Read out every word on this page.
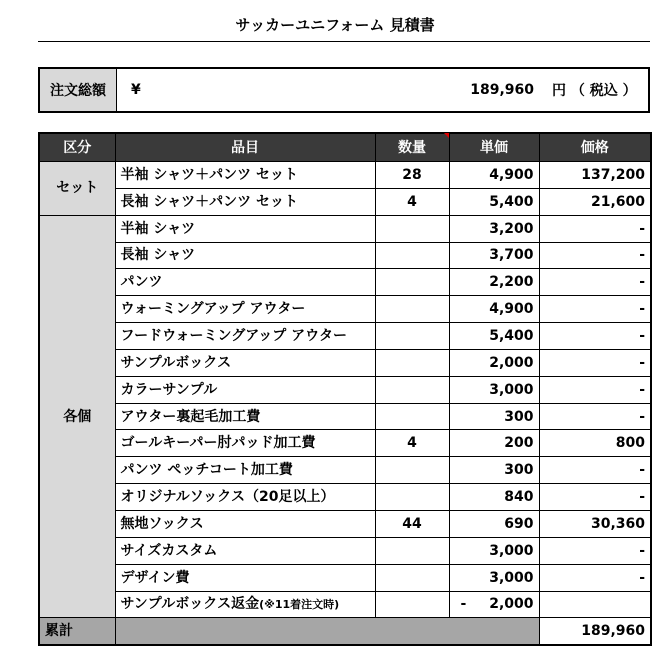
サッカーユニフォーム 見積書
注文総額	¥	189,960	円 （ 税込 ）
区分	品目	数量	単価	価格
セット	半袖 シャツ＋パンツ セット	28	4,900	137,200
	長袖 シャツ＋パンツ セット	4	5,400	21,600
各個	半袖 シャツ		3,200	-
	長袖 シャツ		3,700	-
	パンツ		2,200	-
	ウォーミングアップ アウター		4,900	-
	フードウォーミングアップ アウター		5,400	-
	サンプルボックス		2,000	-
	カラーサンプル		3,000	-
	アウター裏起毛加工費		300	-
	ゴールキーパー肘パッド加工費	4	200	800
	パンツ ペッチコート加工費		300	-
	オリジナルソックス（20足以上）		840	-
	無地ソックス	44	690	30,360
	サイズカスタム		3,000	-
	デザイン費		3,000	-
	サンプルボックス返金(※11着注文時)		- 2,000	
累計				189,960
